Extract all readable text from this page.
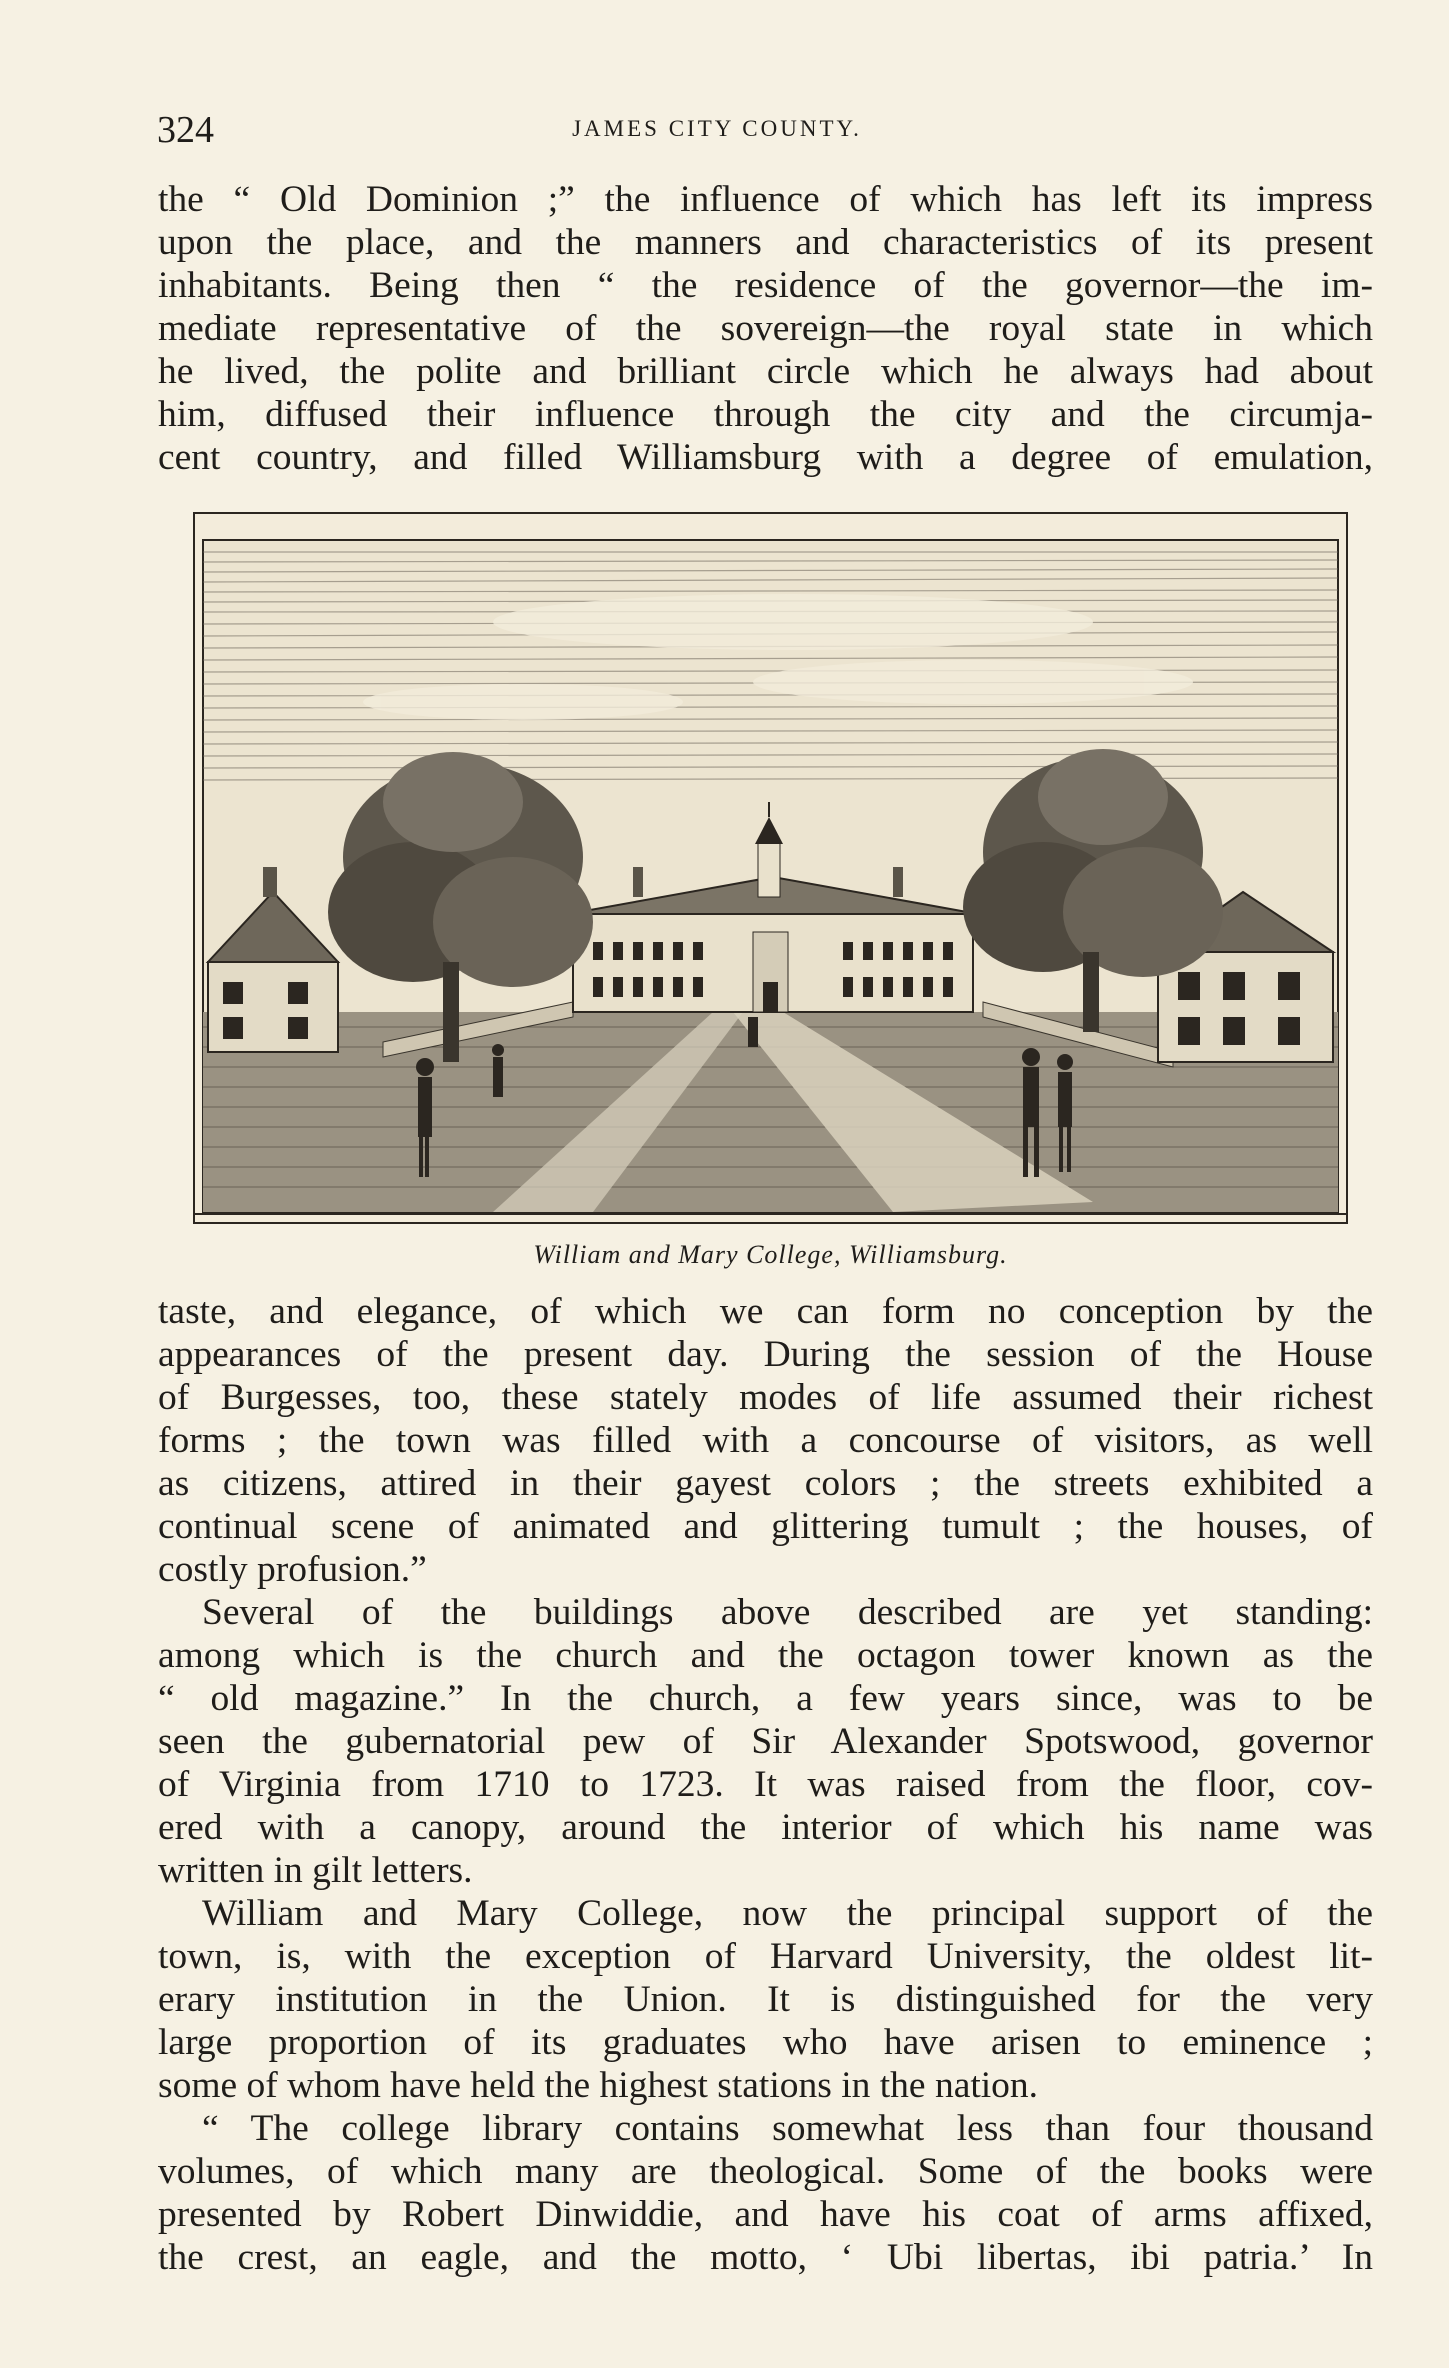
324	JAMES CITY COUNTY.
the “ Old Dominion ;” the influence of which has left its impress
upon the place, and the manners and characteristics of its present
inhabitants. Being then “ the residence of the governor—the im-
mediate representative of the sovereign—the royal state in which
he lived, the polite and brilliant circle which he always had about
him, diffused their influence through the city and the circumja-
cent country, and filled Williamsburg with a degree of emulation,
William and Mary College, Williamsburg.
taste, and elegance, of which we can form no conception by the
appearances of the present day. During the session of the House
of Burgesses, too, these stately modes of life assumed their richest
forms ; the town was filled with a concourse of visitors, as well
as citizens, attired in their gayest colors ; the streets exhibited a
continual scene of animated and glittering tumult ; the houses, of
costly profusion.”
Several of the buildings above described are yet standing:
among which is the church and the octagon tower known as the
“ old magazine.” In the church, a few years since, was to be
seen the gubernatorial pew of Sir Alexander Spotswood, governor
of Virginia from 1710 to 1723. It was raised from the floor, cov-
ered with a canopy, around the interior of which his name was
written in gilt letters.
William and Mary College, now the principal support of the
town, is, with the exception of Harvard University, the oldest lit-
erary institution in the Union. It is distinguished for the very
large proportion of its graduates who have arisen to eminence ;
some of whom have held the highest stations in the nation.
“ The college library contains somewhat less than four thousand
volumes, of which many are theological. Some of the books were
presented by Robert Dinwiddie, and have his coat of arms affixed,
the crest, an eagle, and the motto, ‘ Ubi libertas, ibi patria.’ In
